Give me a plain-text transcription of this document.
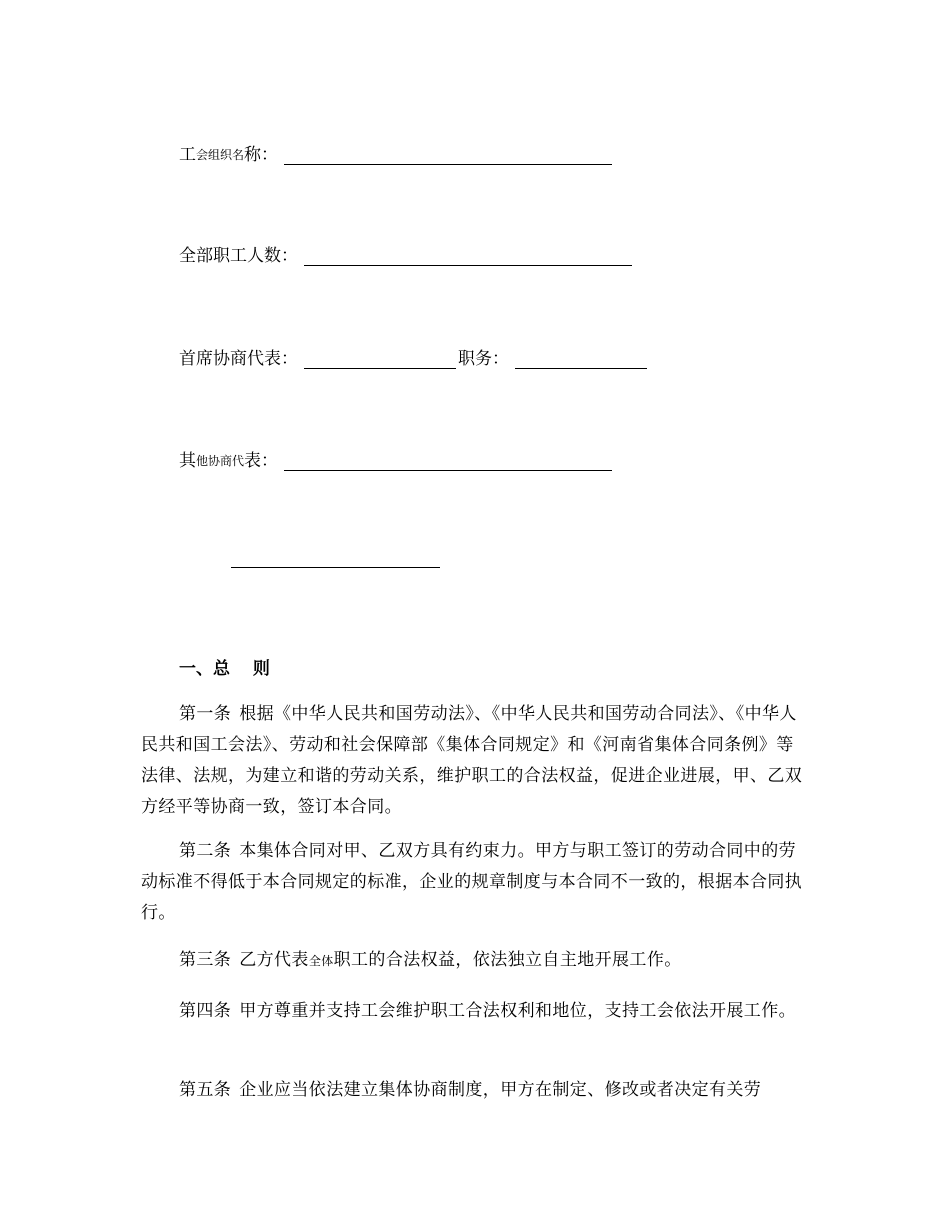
工 会组织名 称：
全部职工人数：
首席协商代表：	职务：
其 他协商代 表：
一、总　 则
第一条 根据《中华人民共和国劳动法》、《中华人民共和国劳动合同法》、《中华人民共和国工会法》、劳动和社会保障部《集体合同规定》和《河南省集体合同条例》等法律、法规，为建立和谐的劳动关系，维护职工的合法权益，促进企业进展，甲、乙双方经平等协商一致，签订本合同。
第二条 本集体合同对甲、乙双方具有约束力。甲方与职工签订的劳动合同中的劳动标准不得低于本合同规定的标准，企业的规章制度与本合同不一致的，根据本合同执行。
第三条 乙方代表全体职工的合法权益，依法独立自主地开展工作。
第四条 甲方尊重并支持工会维护职工合法权利和地位，支持工会依法开展工作。
第五条 企业应当依法建立集体协商制度，甲方在制定、修改或者决定有关劳
